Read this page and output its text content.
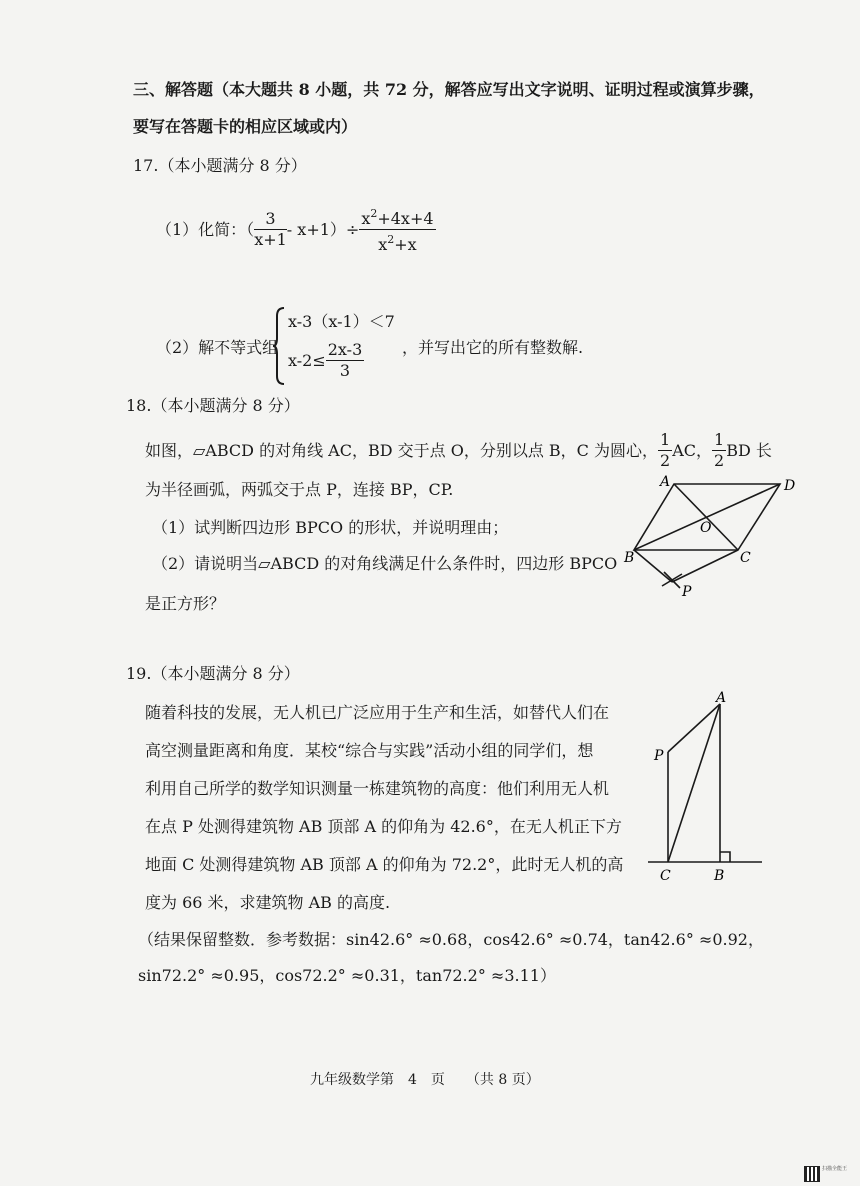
三、解答题（本大题共 8 小题，共 72 分，解答应写出文字说明、证明过程或演算步骤，
要写在答题卡的相应区域或内）
17.（本小题满分 8 分）
（1）化简：（ $\frac{3}{x+1} - x+1)\div \frac{x^2+4x+4}{x^2+x}$
（2）解不等式组
x-3（x-1）＜7
$x-2\le \frac{2x-3}{3}$ ，并写出它的所有整数解.
18.（本小题满分 8 分）
如图，▱ABCD 的对角线 AC，BD 交于点 O，分别以点 B，C 为圆心， $\frac{1}{2}$ AC， $\frac{1}{2}$ BD 长
为半径画弧，两弧交于点 P，连接 BP，CP.
（1）试判断四边形 BPCO 的形状，并说明理由；
（2）请说明当▱ABCD 的对角线满足什么条件时，四边形 BPCO
是正方形？
A	D
O
B	C
P
19.（本小题满分 8 分）
随着科技的发展，无人机已广泛应用于生产和生活，如替代人们在
高空测量距离和角度．某校“综合与实践”活动小组的同学们，想
利用自己所学的数学知识测量一栋建筑物的高度：他们利用无人机
在点 P 处测得建筑物 AB 顶部 A 的仰角为 42.6°，在无人机正下方
地面 C 处测得建筑物 AB 顶部 A 的仰角为 72.2°，此时无人机的高
度为 66 米，求建筑物 AB 的高度.
（结果保留整数．参考数据：sin42.6° ≈0.68，cos42.6° ≈0.74，tan42.6° ≈0.92，
sin72.2° ≈0.95，cos72.2° ≈0.31，tan72.2° ≈3.11）
A
P
C	B
九年级数学第　4　页　　（共 8 页）
扫描全能王
